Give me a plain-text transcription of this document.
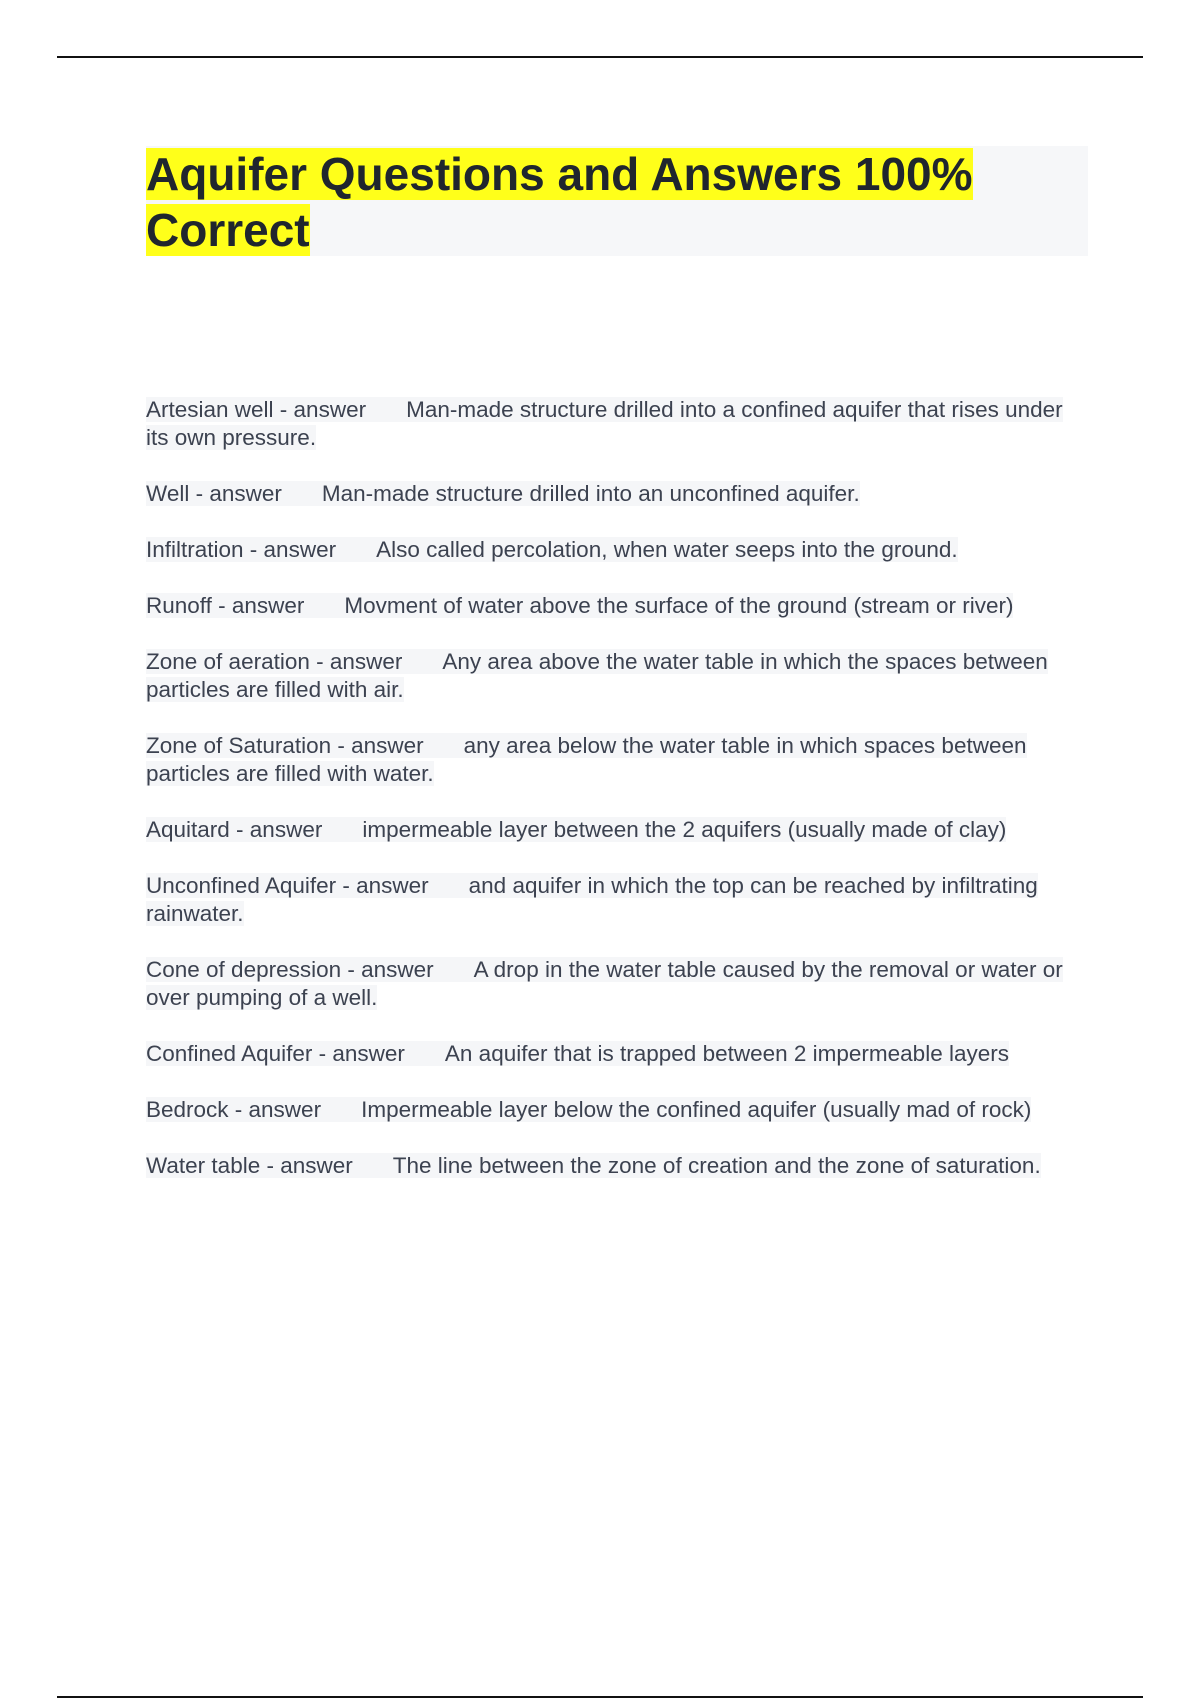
Aquifer Questions and Answers 100% Correct
Artesian well - answer Man-made structure drilled into a confined aquifer that rises under its own pressure.
Well - answer Man-made structure drilled into an unconfined aquifer.
Infiltration - answer Also called percolation, when water seeps into the ground.
Runoff - answer Movment of water above the surface of the ground (stream or river)
Zone of aeration - answer Any area above the water table in which the spaces between particles are filled with air.
Zone of Saturation - answer any area below the water table in which spaces between particles are filled with water.
Aquitard - answer impermeable layer between the 2 aquifers (usually made of clay)
Unconfined Aquifer - answer and aquifer in which the top can be reached by infiltrating rainwater.
Cone of depression - answer A drop in the water table caused by the removal or water or over pumping of a well.
Confined Aquifer - answer An aquifer that is trapped between 2 impermeable layers
Bedrock - answer Impermeable layer below the confined aquifer (usually mad of rock)
Water table - answer The line between the zone of creation and the zone of saturation.
